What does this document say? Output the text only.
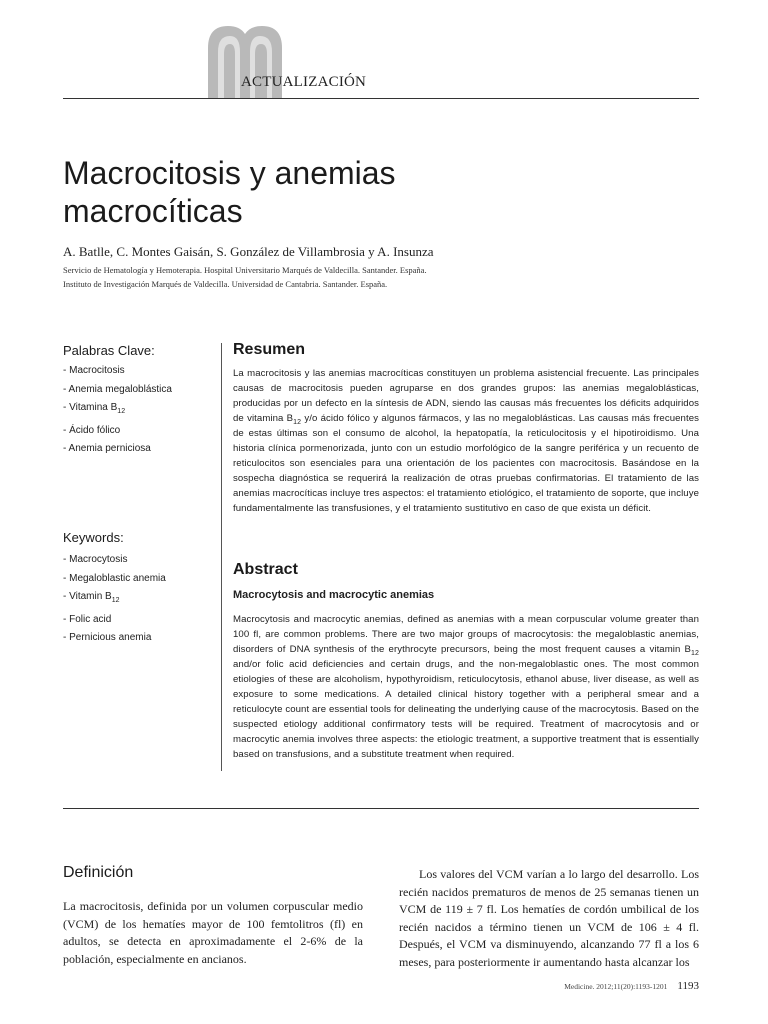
ACTUALIZACIÓN
Macrocitosis y anemias
macrocíticas
A. Batlle, C. Montes Gaisán, S. González de Villambrosia y A. Insunza
Servicio de Hematología y Hemoterapia. Hospital Universitario Marqués de Valdecilla. Santander. España.
Instituto de Investigación Marqués de Valdecilla. Universidad de Cantabria. Santander. España.
Palabras Clave:
- Macrocitosis
- Anemia megaloblástica
- Vitamina $B_{12}$
- Ácido fólico
- Anemia perniciosa
Keywords:
- Macrocytosis
- Megaloblastic anemia
- Vitamin $B_{12}$
- Folic acid
- Pernicious anemia
Resumen

La macrocitosis y las anemias macrocíticas constituyen un problema asistencial frecuente. Las principales causas de macrocitosis pueden agruparse en dos grandes grupos: las anemias megaloblásticas, producidas por un defecto en la síntesis de ADN, siendo las causas más frecuentes los déficits adquiridos de vitamina $B_{12}$ y/o ácido fólico y algunos fármacos, y las no megaloblásticas. Las causas más frecuentes de estas últimas son el consumo de alcohol, la hepatopatía, la reticulocitosis y el hipotiroidismo. Una historia clínica pormenorizada, junto con un estudio morfológico de la sangre periférica y un recuento de reticulocitos son esenciales para una orientación de los pacientes con macrocitosis. Basándose en la sospecha diagnóstica se requerirá la realización de otras pruebas confirmatorias. El tratamiento de las anemias macrocíticas incluye tres aspectos: el tratamiento etiológico, el tratamiento de soporte, que incluye fundamentalmente las transfusiones, y el tratamiento sustitutivo en caso de que exista un déficit.

Abstract
Macrocytosis and macrocytic anemias

Macrocytosis and macrocytic anemias, defined as anemias with a mean corpuscular volume greater than 100 fl, are common problems. There are two major groups of macrocytosis: the megaloblastic anemias, disorders of DNA synthesis of the erythrocyte precursors, being the most frequent causes a vitamin $B_{12}$ and/or folic acid deficiencies and certain drugs, and the non-megaloblastic ones. The most common etiologies of these are alcoholism, hypothyroidism, reticulocytosis, ethanol abuse, liver disease, as well as exposure to some medications. A detailed clinical history together with a peripheral smear and a reticulocyte count are essential tools for delineating the underlying cause of the macrocytosis. Based on the suspected etiology additional confirmatory tests will be required. Treatment of macrocytosis and or macrocytic anemia involves three aspects: the etiologic treatment, a supportive treatment that is essentially based on transfusions, and a substitute treatment when required.

Definición

La macrocitosis, definida por un volumen corpuscular medio (VCM) de los hematíes mayor de 100 femtolitros (fl) en adultos, se detecta en aproximadamente el 2-6% de la población, especialmente en ancianos.

Los valores del VCM varían a lo largo del desarrollo. Los recién nacidos prematuros de menos de 25 semanas tienen un VCM de 119 ± 7 fl. Los hematíes de cordón umbilical de los recién nacidos a término tienen un VCM de 106 ± 4 fl. Después, el VCM va disminuyendo, alcanzando 77 fl a los 6 meses, para posteriormente ir aumentando hasta alcanzar los

Medicine. 2012;11(20):1193-1201 1193
